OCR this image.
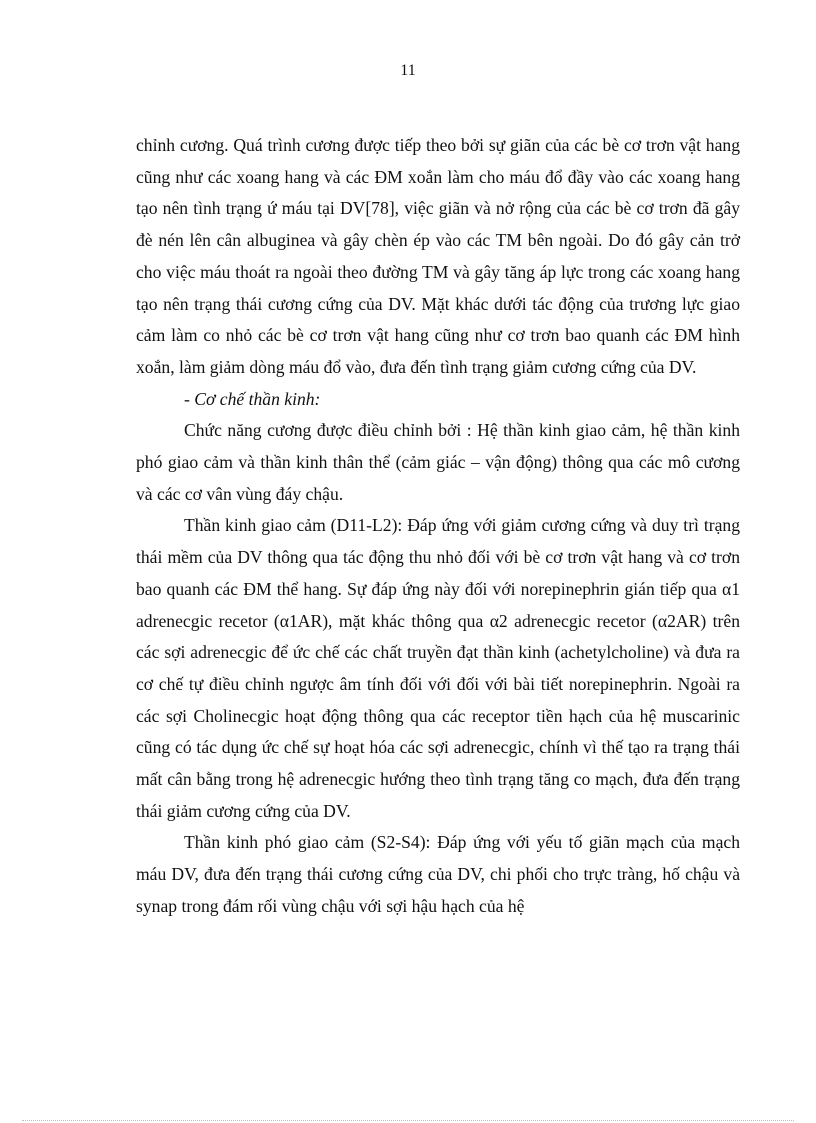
11

chỉnh cương. Quá trình cương được tiếp theo bởi sự giãn của các bè cơ trơn vật hang cũng như các xoang hang và các ĐM xoắn làm cho máu đổ đầy vào các xoang hang tạo nên tình trạng ứ máu tại DV[78], việc giãn và nở rộng của các bè cơ trơn đã gây đè nén lên cân albuginea và gây chèn ép vào các TM bên ngoài. Do đó gây cản trở cho việc máu thoát ra ngoài theo đường TM và gây tăng áp lực trong các xoang hang tạo nên trạng thái cương cứng của DV. Mặt khác dưới tác động của trương lực giao cảm làm co nhỏ các bè cơ trơn vật hang cũng như cơ trơn bao quanh các ĐM hình xoắn, làm giảm dòng máu đổ vào, đưa đến tình trạng giảm cương cứng của DV.

- Cơ chế thần kinh:

Chức năng cương được điều chỉnh bởi : Hệ thần kinh giao cảm, hệ thần kinh phó giao cảm và thần kinh thân thể (cảm giác – vận động) thông qua các mô cương và các cơ vân vùng đáy chậu.

Thần kinh giao cảm (D11-L2): Đáp ứng với giảm cương cứng và duy trì trạng thái mềm của DV thông qua tác động thu nhỏ đối với bè cơ trơn vật hang và cơ trơn bao quanh các ĐM thể hang. Sự đáp ứng này đối với norepinephrin gián tiếp qua α1 adrenecgic recetor (α1AR), mặt khác thông qua α2 adrenecgic recetor (α2AR) trên các sợi adrenecgic để ức chế các chất truyền đạt thần kinh (achetylcholine) và đưa ra cơ chế tự điều chỉnh ngược âm tính đối với đối với bài tiết norepinephrin. Ngoài ra các sợi Cholinecgic hoạt động thông qua các receptor tiền hạch của hệ muscarinic cũng có tác dụng ức chế sự hoạt hóa các sợi adrenecgic, chính vì thế tạo ra trạng thái mất cân bằng trong hệ adrenecgic hướng theo tình trạng tăng co mạch, đưa đến trạng thái giảm cương cứng của DV.

Thần kinh phó giao cảm (S2-S4): Đáp ứng với yếu tố giãn mạch của mạch máu DV, đưa đến trạng thái cương cứng của DV, chi phối cho trực tràng, hố chậu và synap trong đám rối vùng chậu với sợi hậu hạch của hệ
